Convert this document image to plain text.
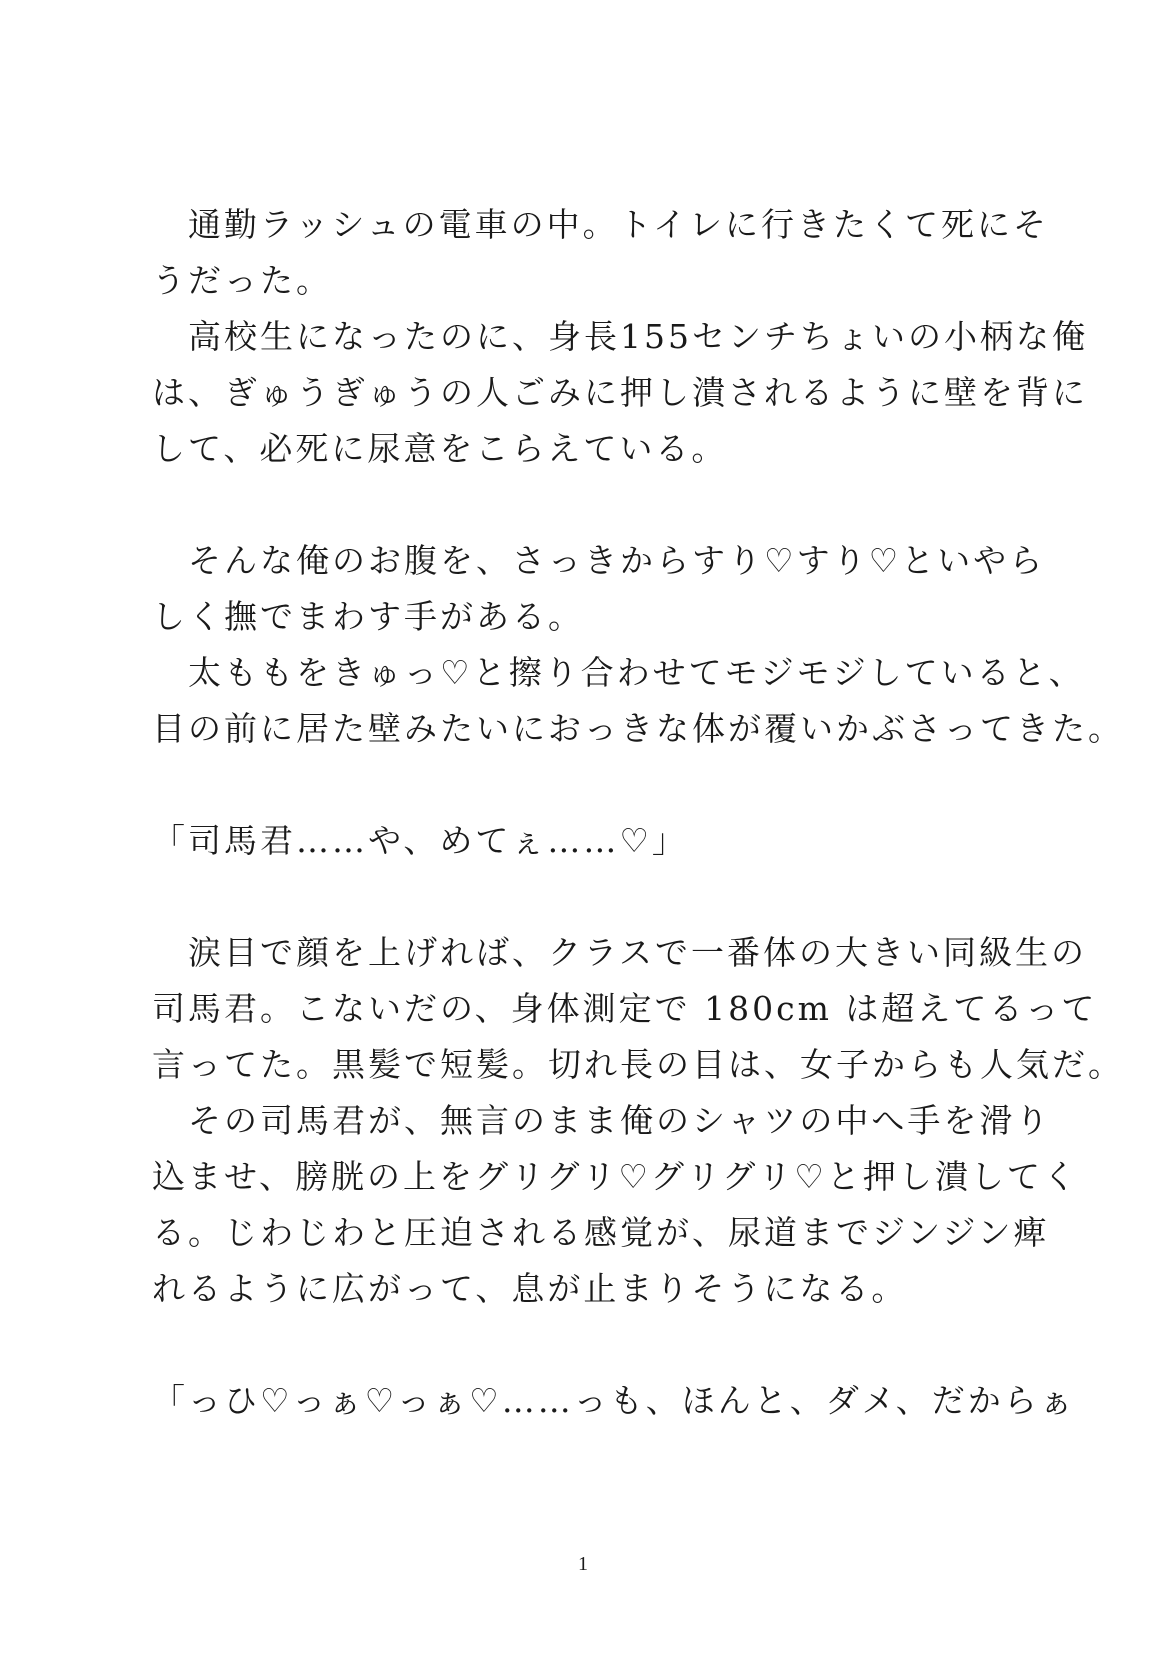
　通勤ラッシュの電車の中。トイレに行きたくて死にそ
うだった。
　高校生になったのに、身長155センチちょいの小柄な俺
は、ぎゅうぎゅうの人ごみに押し潰されるように壁を背に
して、必死に尿意をこらえている。
　そんな俺のお腹を、さっきからすり♡すり♡といやら
しく撫でまわす手がある。
　太ももをきゅっ♡と擦り合わせてモジモジしていると、
目の前に居た壁みたいにおっきな体が覆いかぶさってきた。
「司馬君……や、めてぇ……♡」
　涙目で顔を上げれば、クラスで一番体の大きい同級生の
司馬君。こないだの、身体測定で 180cm は超えてるって
言ってた。黒髪で短髪。切れ長の目は、女子からも人気だ。
　その司馬君が、無言のまま俺のシャツの中へ手を滑り
込ませ、膀胱の上をグリグリ♡グリグリ♡と押し潰してく
る。じわじわと圧迫される感覚が、尿道までジンジン痺
れるように広がって、息が止まりそうになる。
「っひ♡っぁ♡っぁ♡……っも、ほんと、ダメ、だからぁ
1
